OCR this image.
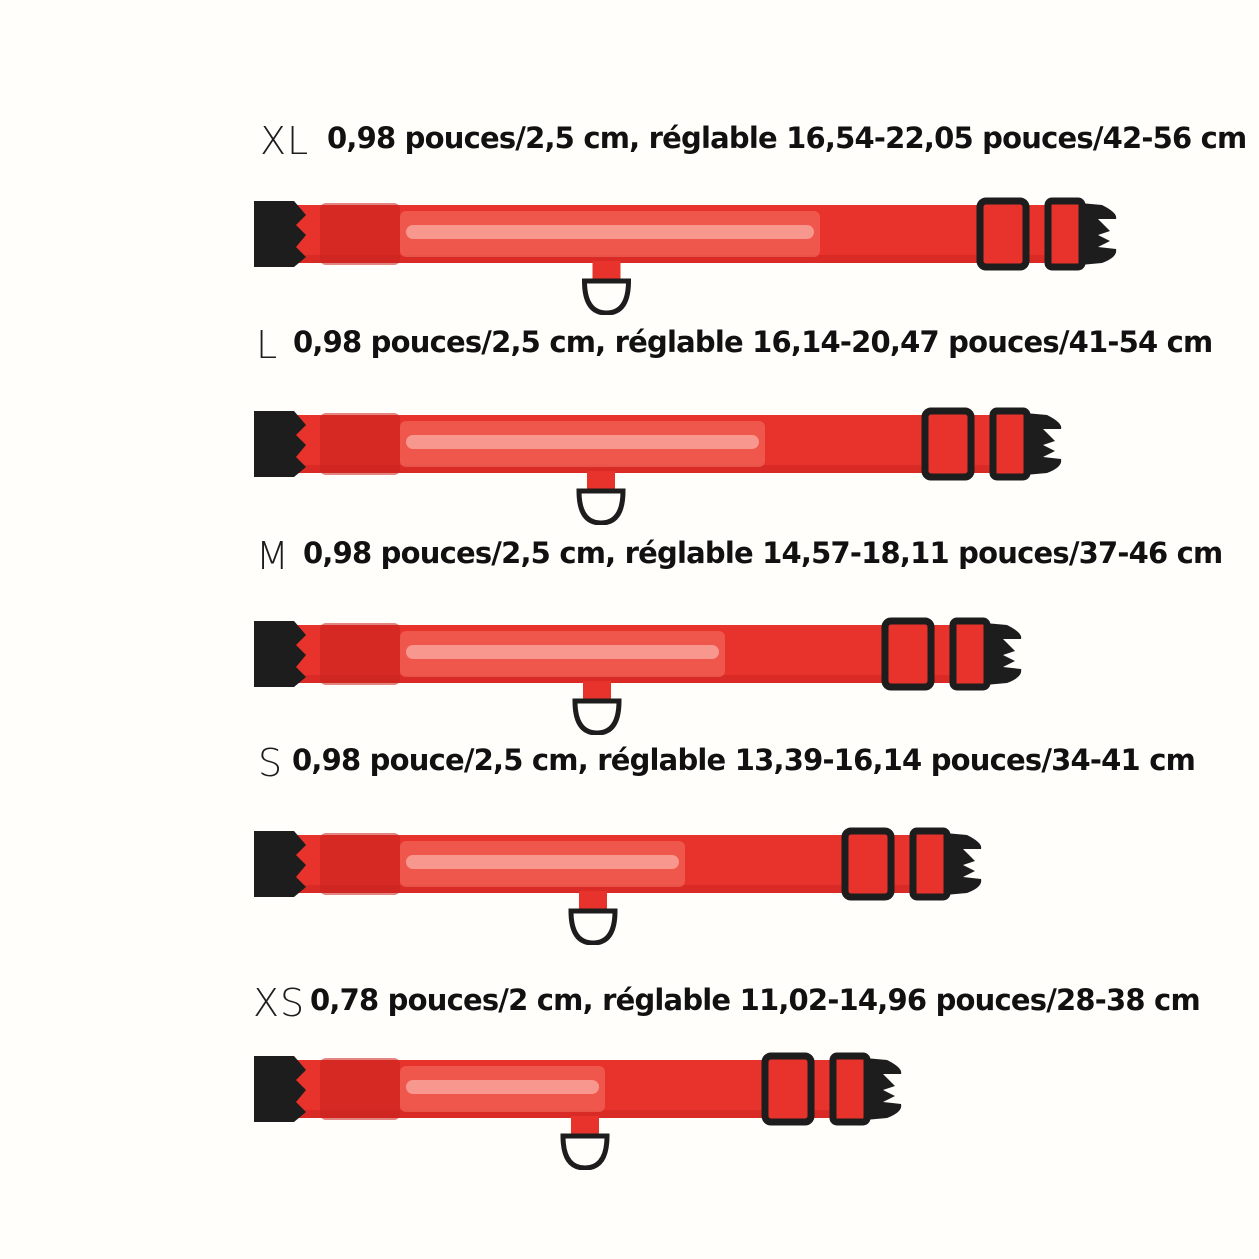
XL 0,98 pouces/2,5 cm, réglable 16,54-22,05 pouces/42-56 cm
L 0,98 pouces/2,5 cm, réglable 16,14-20,47 pouces/41-54 cm
M 0,98 pouces/2,5 cm, réglable 14,57-18,11 pouces/37-46 cm
S 0,98 pouce/2,5 cm, réglable 13,39-16,14 pouces/34-41 cm
XS 0,78 pouces/2 cm, réglable 11,02-14,96 pouces/28-38 cm
